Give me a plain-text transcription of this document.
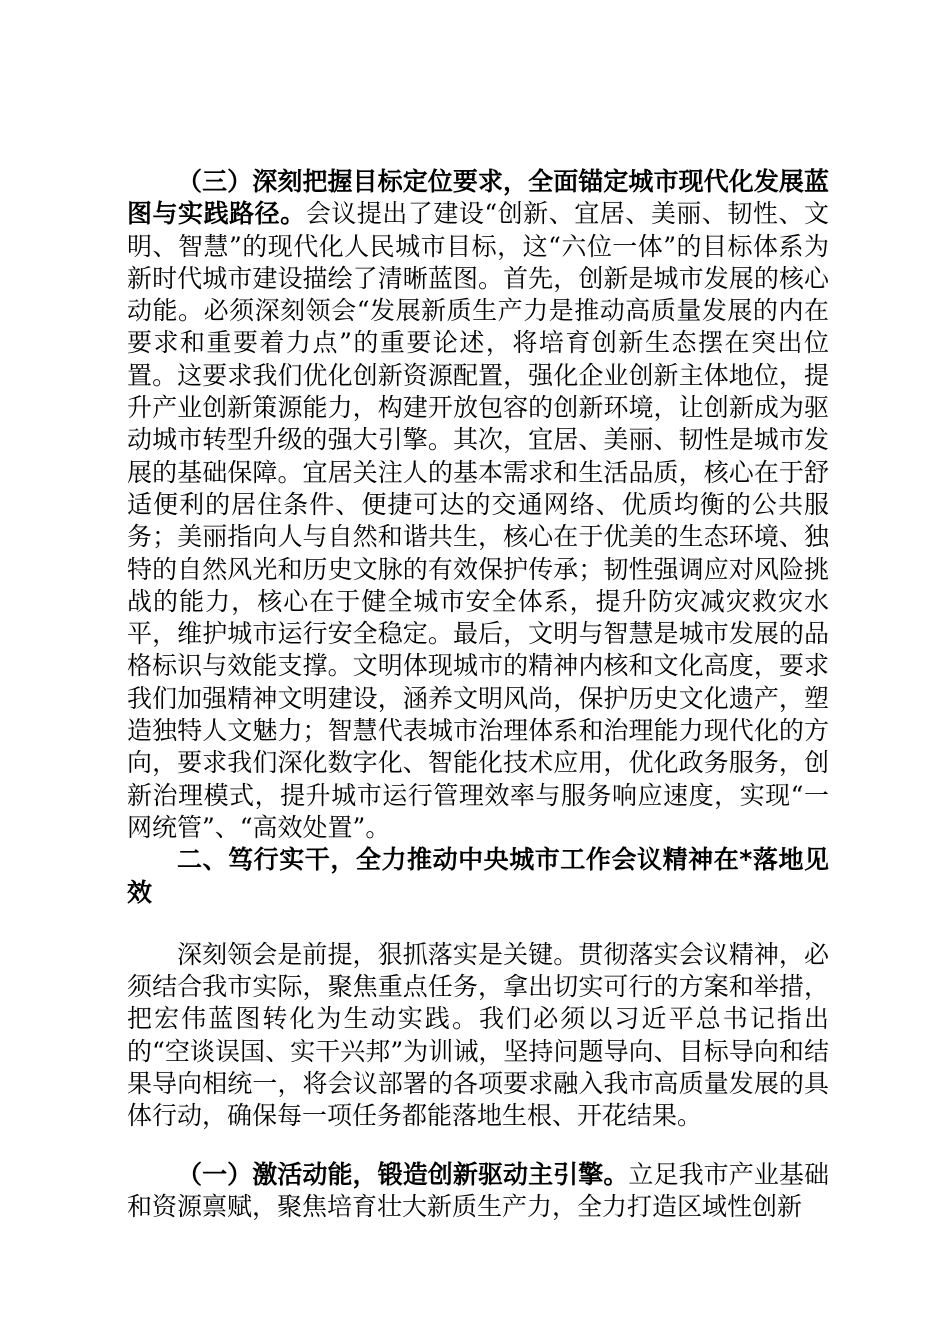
（三）深刻把握目标定位要求，全面锚定城市现代化发展蓝图与实践路径。会议提出了建设“创新、宜居、美丽、韧性、文明、智慧”的现代化人民城市目标，这“六位一体”的目标体系为新时代城市建设描绘了清晰蓝图。首先，创新是城市发展的核心动能。必须深刻领会“发展新质生产力是推动高质量发展的内在要求和重要着力点”的重要论述，将培育创新生态摆在突出位置。这要求我们优化创新资源配置，强化企业创新主体地位，提升产业创新策源能力，构建开放包容的创新环境，让创新成为驱动城市转型升级的强大引擎。其次，宜居、美丽、韧性是城市发展的基础保障。宜居关注人的基本需求和生活品质，核心在于舒适便利的居住条件、便捷可达的交通网络、优质均衡的公共服务；美丽指向人与自然和谐共生，核心在于优美的生态环境、独特的自然风光和历史文脉的有效保护传承；韧性强调应对风险挑战的能力，核心在于健全城市安全体系，提升防灾减灾救灾水平，维护城市运行安全稳定。最后，文明与智慧是城市发展的品格标识与效能支撑。文明体现城市的精神内核和文化高度，要求我们加强精神文明建设，涵养文明风尚，保护历史文化遗产，塑造独特人文魅力；智慧代表城市治理体系和治理能力现代化的方向，要求我们深化数字化、智能化技术应用，优化政务服务，创新治理模式，提升城市运行管理效率与服务响应速度，实现“一网统管”、“高效处置”。

二、笃行实干，全力推动中央城市工作会议精神在*落地见效

深刻领会是前提，狠抓落实是关键。贯彻落实会议精神，必须结合我市实际，聚焦重点任务，拿出切实可行的方案和举措，把宏伟蓝图转化为生动实践。我们必须以习近平总书记指出的“空谈误国、实干兴邦”为训诫，坚持问题导向、目标导向和结果导向相统一，将会议部署的各项要求融入我市高质量发展的具体行动，确保每一项任务都能落地生根、开花结果。

（一）激活动能，锻造创新驱动主引擎。立足我市产业基础和资源禀赋，聚焦培育壮大新质生产力，全力打造区域性创新
